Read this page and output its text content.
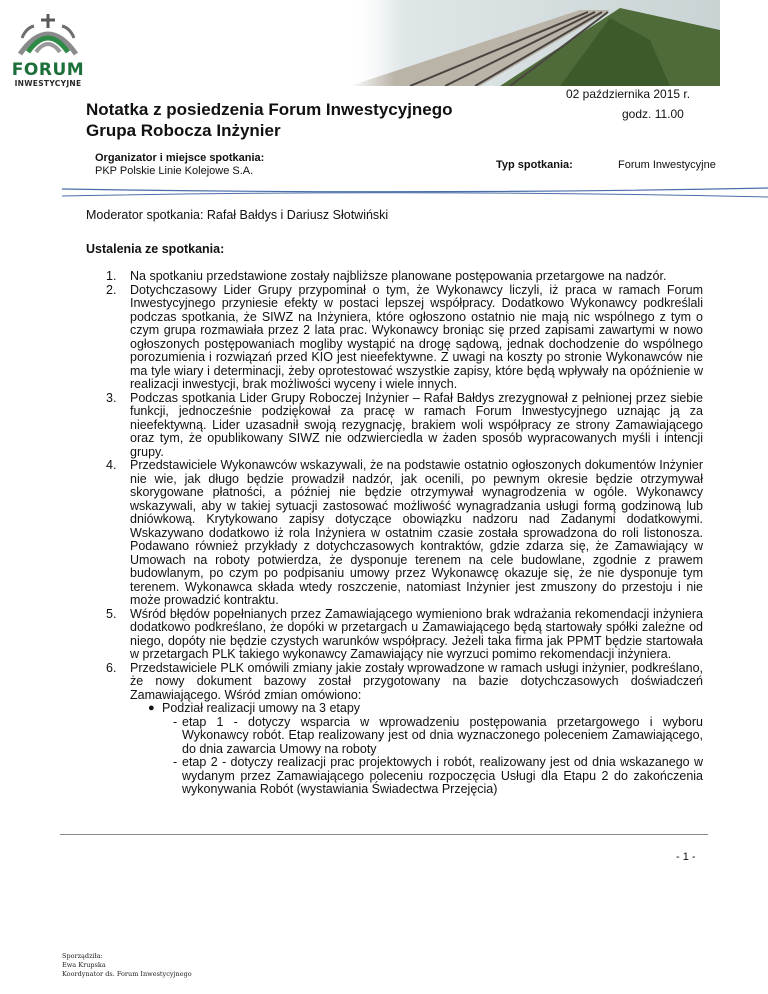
FORUM
INWESTYCYJNE
02 października 2015 r.
godz. 11.00
Notatka z posiedzenia Forum Inwestycyjnego
Grupa Robocza Inżynier
Organizator i miejsce spotkania:
PKP Polskie Linie Kolejowe S.A.	Typ spotkania:	Forum Inwestycyjne
Moderator spotkania: Rafał Bałdys i Dariusz Słotwiński
Ustalenia ze spotkania:
1. Na spotkaniu przedstawione zostały najbliższe planowane postępowania przetargowe na nadzór.
2. Dotychczasowy Lider Grupy przypominał o tym, że Wykonawcy liczyli, iż praca w ramach Forum Inwestycyjnego przyniesie efekty w postaci lepszej współpracy. Dodatkowo Wykonawcy podkreślali podczas spotkania, że SIWZ na Inżyniera, które ogłoszono ostatnio nie mają nic wspólnego z tym o czym grupa rozmawiała przez 2 lata prac. Wykonawcy broniąc się przed zapisami zawartymi w nowo ogłoszonych postępowaniach mogliby wystąpić na drogę sądową, jednak dochodzenie do wspólnego porozumienia i rozwiązań przed KIO jest nieefektywne. Z uwagi na koszty po stronie Wykonawców nie ma tyle wiary i determinacji, żeby oprotestować wszystkie zapisy, które będą wpływały na opóźnienie w realizacji inwestycji, brak możliwości wyceny i wiele innych.
3. Podczas spotkania Lider Grupy Roboczej Inżynier – Rafał Bałdys zrezygnował z pełnionej przez siebie funkcji, jednocześnie podziękował za pracę w ramach Forum Inwestycyjnego uznając ją za nieefektywną. Lider uzasadnił swoją rezygnację, brakiem woli współpracy ze strony Zamawiającego oraz tym, że opublikowany SIWZ nie odzwierciedla w żaden sposób wypracowanych myśli i intencji grupy.
4. Przedstawiciele Wykonawców wskazywali, że na podstawie ostatnio ogłoszonych dokumentów Inżynier nie wie, jak długo będzie prowadził nadzór, jak ocenili, po pewnym okresie będzie otrzymywał skorygowane płatności, a później nie będzie otrzymywał wynagrodzenia w ogóle. Wykonawcy wskazywali, aby w takiej sytuacji zastosować możliwość wynagradzania usługi formą godzinową lub dniówkową. Krytykowano zapisy dotyczące obowiązku nadzoru nad Zadanymi dodatkowymi. Wskazywano dodatkowo iż rola Inżyniera w ostatnim czasie została sprowadzona do roli listonosza. Podawano również przykłady z dotychczasowych kontraktów, gdzie zdarza się, że Zamawiający w Umowach na roboty potwierdza, że dysponuje terenem na cele budowlane, zgodnie z prawem budowlanym, po czym po podpisaniu umowy przez Wykonawcę okazuje się, że nie dysponuje tym terenem. Wykonawca składa wtedy roszczenie, natomiast Inżynier jest zmuszony do przestoju i nie może prowadzić kontraktu.
5. Wśród błędów popełnianych przez Zamawiającego wymieniono brak wdrażania rekomendacji inżyniera dodatkowo podkreślano, że dopóki w przetargach u Zamawiającego będą startowały spółki zależne od niego, dopóty nie będzie czystych warunków współpracy. Jeżeli taka firma jak PPMT będzie startowała w przetargach PLK takiego wykonawcy Zamawiający nie wyrzuci pomimo rekomendacji inżyniera.
6. Przedstawiciele PLK omówili zmiany jakie zostały wprowadzone w ramach usługi inżynier, podkreślano, że nowy dokument bazowy został przygotowany na bazie dotychczasowych doświadczeń Zamawiającego. Wśród zmian omówiono:
● Podział realizacji umowy na 3 etapy
- etap 1 - dotyczy wsparcia w wprowadzeniu postępowania przetargowego i wyboru Wykonawcy robót. Etap realizowany jest od dnia wyznaczonego poleceniem Zamawiającego, do dnia zawarcia Umowy na roboty
- etap 2 - dotyczy realizacji prac projektowych i robót, realizowany jest od dnia wskazanego w wydanym przez Zamawiającego poleceniu rozpoczęcia Usługi dla Etapu 2 do zakończenia wykonywania Robót (wystawiania Świadectwa Przejęcia)
- 1 -
Sporządziła:
Ewa Krupska
Koordynator ds. Forum Inwestycyjnego
